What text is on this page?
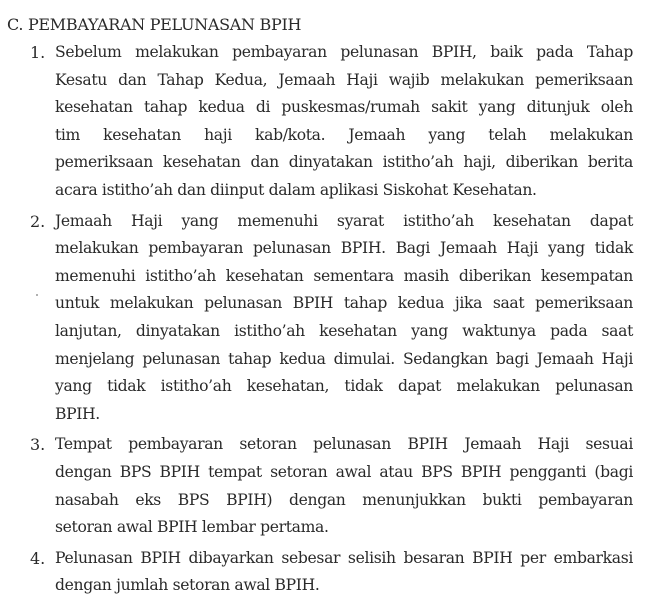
C. PEMBAYARAN PELUNASAN BPIH
1. Sebelum melakukan pembayaran pelunasan BPIH, baik pada Tahap
Kesatu dan Tahap Kedua, Jemaah Haji wajib melakukan pemeriksaan
kesehatan tahap kedua di puskesmas/rumah sakit yang ditunjuk oleh
tim kesehatan haji kab/kota. Jemaah yang telah melakukan
pemeriksaan kesehatan dan dinyatakan istitho’ah haji, diberikan berita
acara istitho’ah dan diinput dalam aplikasi Siskohat Kesehatan.
2. Jemaah Haji yang memenuhi syarat istitho’ah kesehatan dapat
melakukan pembayaran pelunasan BPIH. Bagi Jemaah Haji yang tidak
memenuhi istitho’ah kesehatan sementara masih diberikan kesempatan
untuk melakukan pelunasan BPIH tahap kedua jika saat pemeriksaan
lanjutan, dinyatakan istitho’ah kesehatan yang waktunya pada saat
menjelang pelunasan tahap kedua dimulai. Sedangkan bagi Jemaah Haji
yang tidak istitho’ah kesehatan, tidak dapat melakukan pelunasan
BPIH.
3. Tempat pembayaran setoran pelunasan BPIH Jemaah Haji sesuai
dengan BPS BPIH tempat setoran awal atau BPS BPIH pengganti (bagi
nasabah eks BPS BPIH) dengan menunjukkan bukti pembayaran
setoran awal BPIH lembar pertama.
4. Pelunasan BPIH dibayarkan sebesar selisih besaran BPIH per embarkasi
dengan jumlah setoran awal BPIH.
